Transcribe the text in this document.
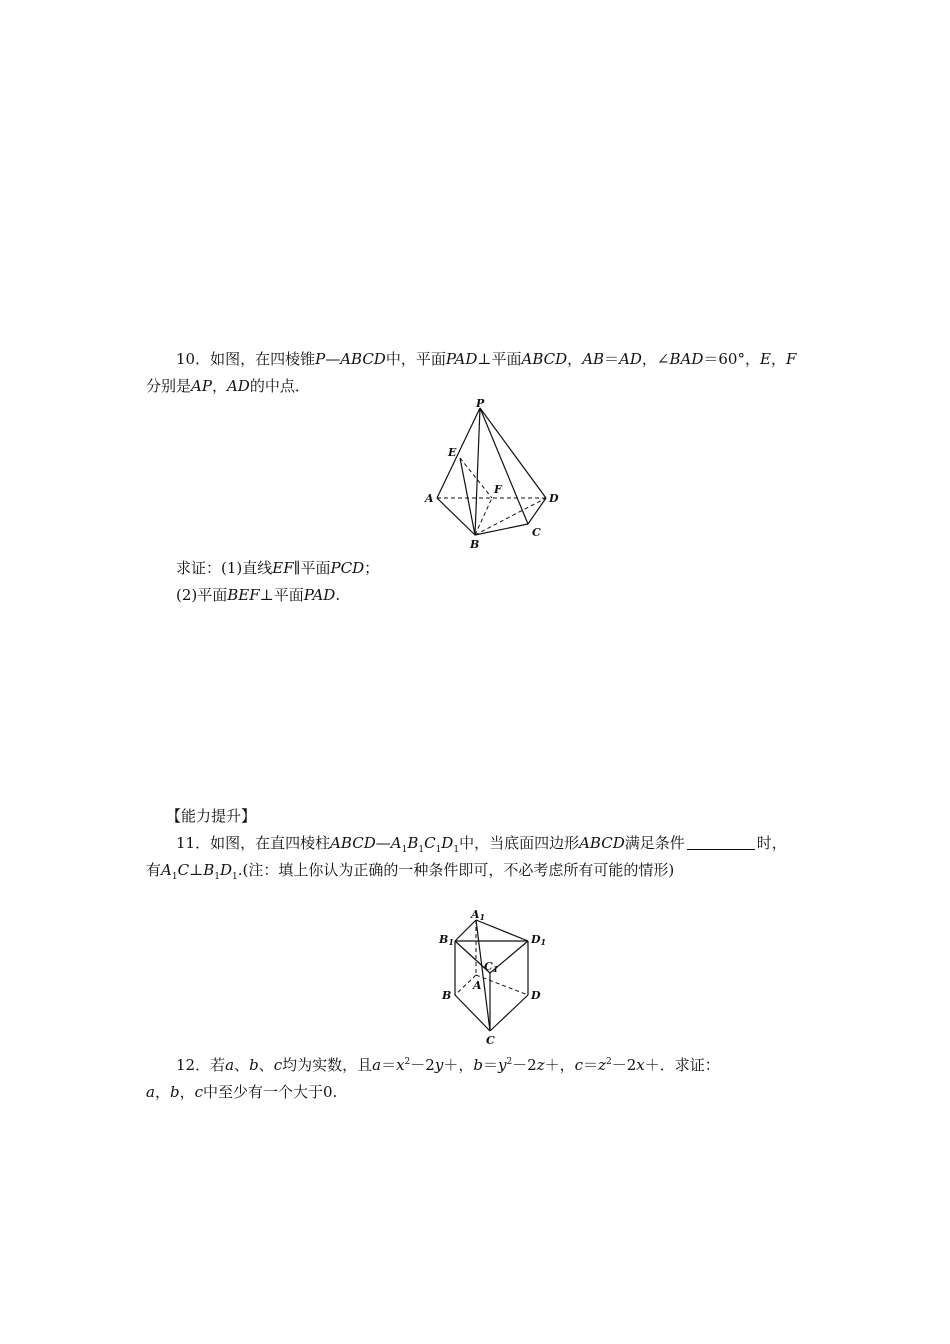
10．如图，在四棱锥P—ABCD中，平面PAD⊥平面ABCD，AB＝AD，∠BAD＝60°，E，F
分别是AP，AD的中点．
P
E
F
A	D
B
C
求证：(1)直线EF∥平面PCD；
(2)平面BEF⊥平面PAD.
【能力提升】
11．如图，在直四棱柱$ABCD—A_1B_1C_1D_1$中，当底面四边形ABCD满足条件	时，
有$A_1C\perp B_1D_1$.(注：填上你认为正确的一种条件即可，不必考虑所有可能的情形)
A1
B1	D1
C1
A
B	D
C
12．若a、b、c均为实数，且$a=x^2-2y+$，$b=y^2-2z+$，$c=z^2-2x+$．求证：
a，b，c中至少有一个大于0.
